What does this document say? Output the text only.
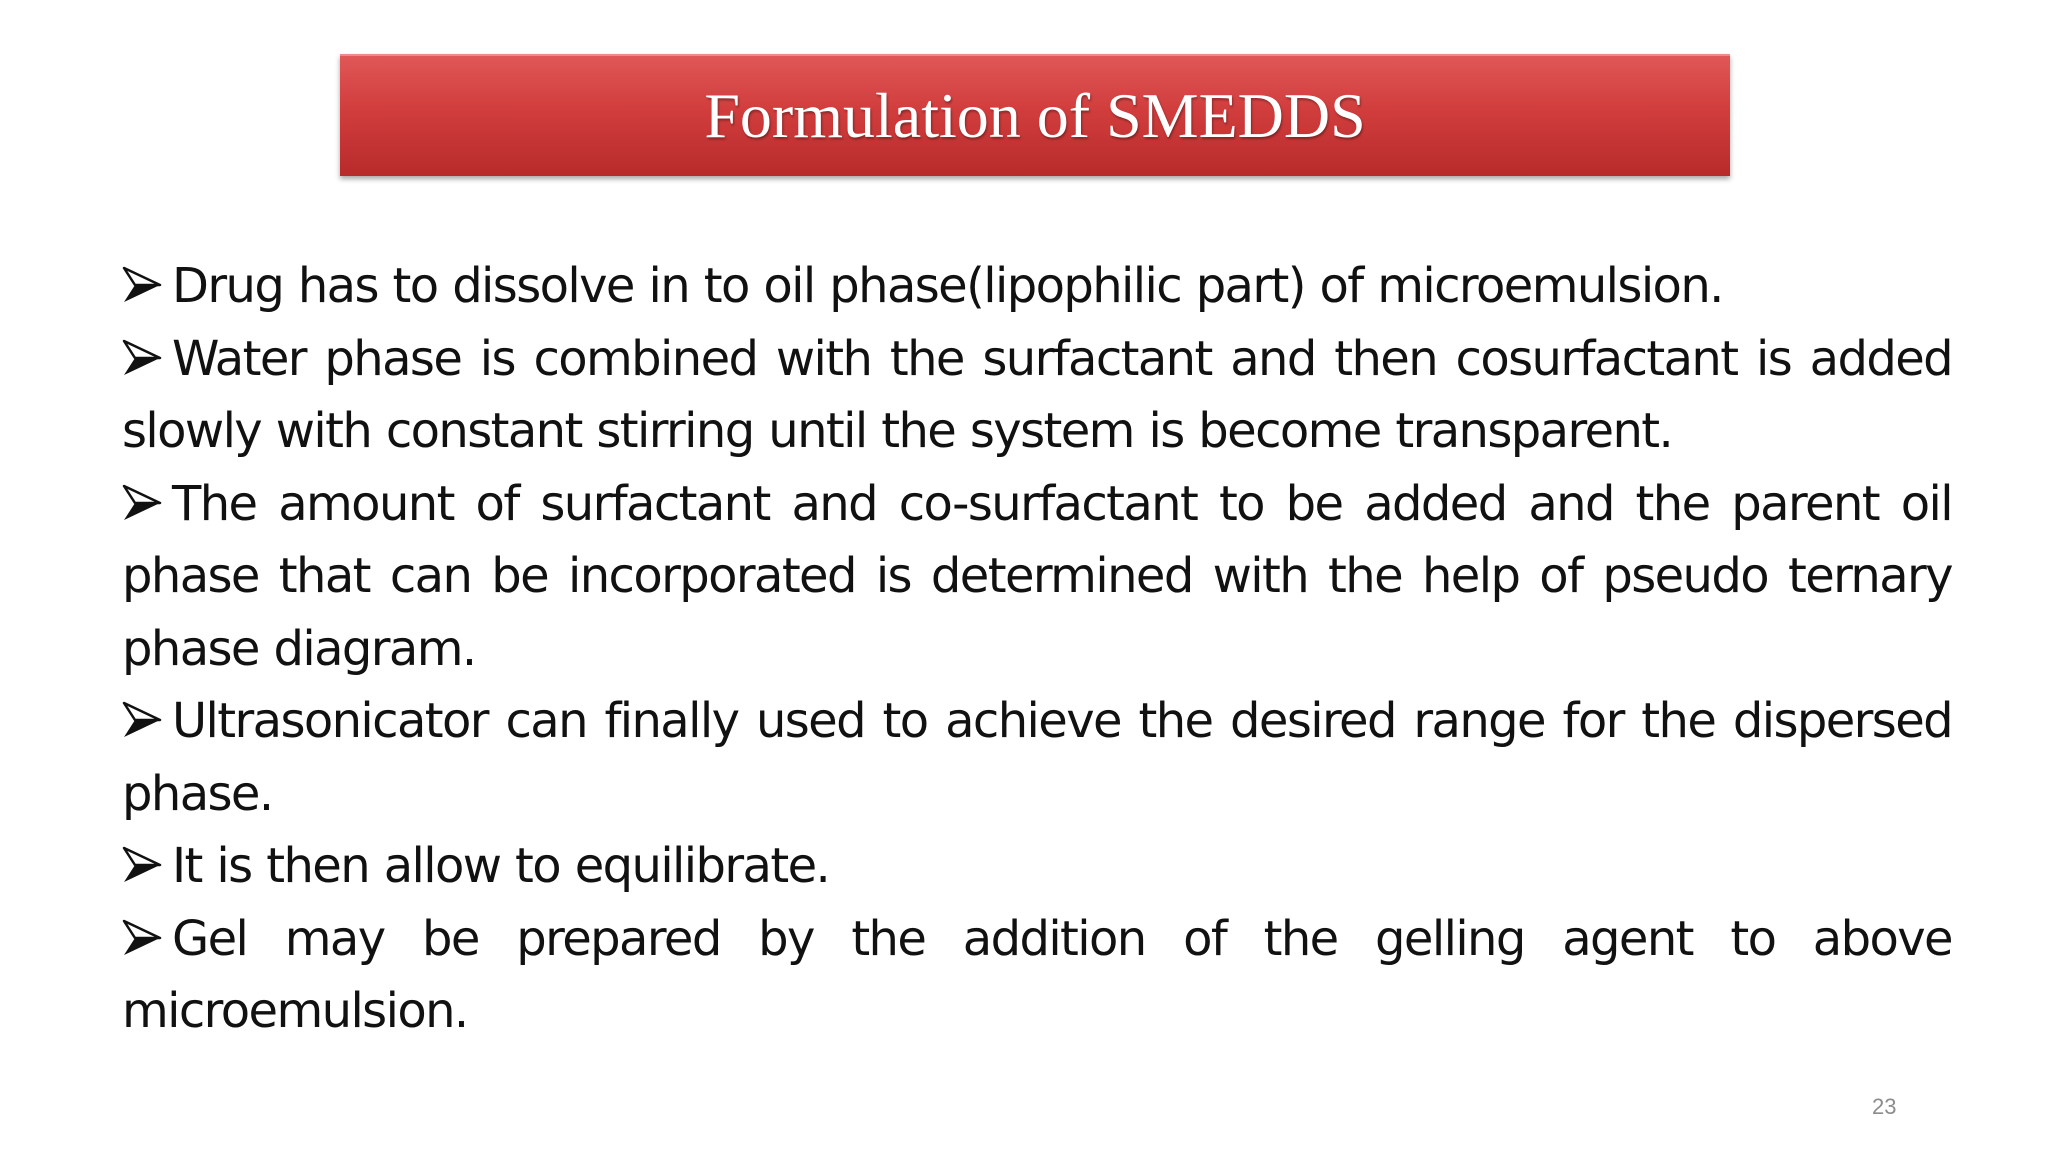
Formulation of SMEDDS

Drug has to dissolve in to oil phase(lipophilic part) of microemulsion.

Water phase is combined with the surfactant and then cosurfactant is added slowly with constant stirring until the system is become transparent.

The amount of surfactant and co-surfactant to be added and the parent oil phase that can be incorporated is determined with the help of pseudo ternary phase diagram.

Ultrasonicator can finally used to achieve the desired range for the dispersed phase.

It is then allow to equilibrate.

Gel may be prepared by the addition of the gelling agent to above microemulsion.

23
